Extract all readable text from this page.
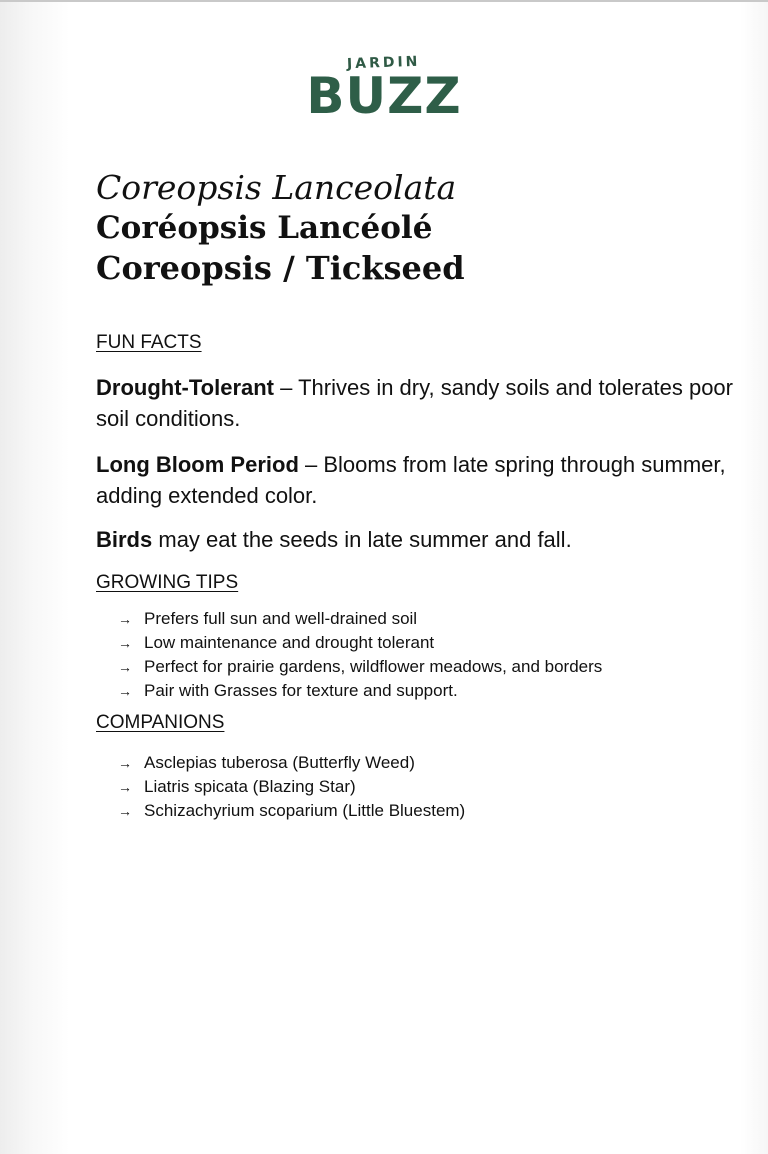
JARDIN
BUZZ
Coreopsis Lanceolata
Coréopsis Lancéolé
Coreopsis / Tickseed
FUN FACTS

Drought-Tolerant – Thrives in dry, sandy soils and tolerates poor soil conditions.

Long Bloom Period – Blooms from late spring through summer, adding extended color.

Birds may eat the seeds in late summer and fall.

GROWING TIPS
→ Prefers full sun and well-drained soil
→ Low maintenance and drought tolerant
→ Perfect for prairie gardens, wildflower meadows, and borders
→ Pair with Grasses for texture and support.
COMPANIONS
→ Asclepias tuberosa (Butterfly Weed)
→ Liatris spicata (Blazing Star)
→ Schizachyrium scoparium (Little Bluestem)
